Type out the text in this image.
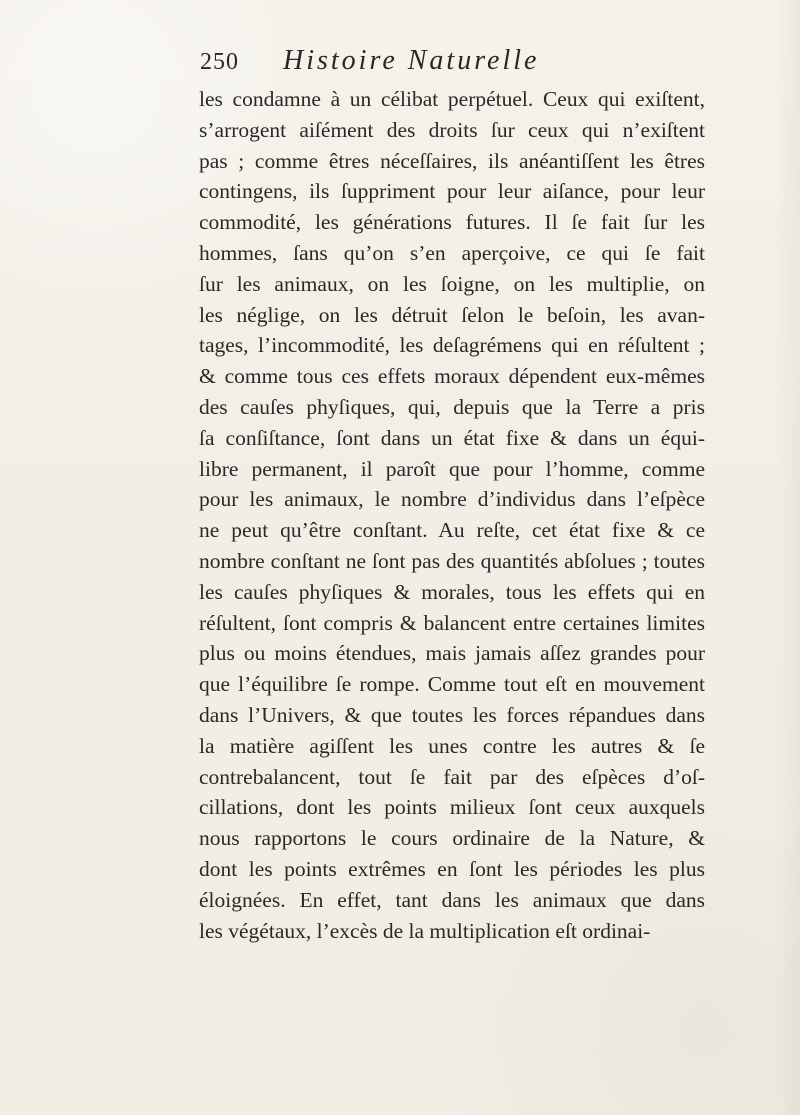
250 Histoire Naturelle
les condamne à un célibat perpétuel. Ceux qui exiſtent,
s’arrogent aiſément des droits ſur ceux qui n’exiſtent
pas ; comme êtres néceſſaires, ils anéantiſſent les êtres
contingens, ils ſuppriment pour leur aiſance, pour leur
commodité, les générations futures. Il ſe fait ſur les
hommes, ſans qu’on s’en aperçoive, ce qui ſe fait
ſur les animaux, on les ſoigne, on les multiplie, on
les néglige, on les détruit ſelon le beſoin, les avan-
tages, l’incommodité, les deſagrémens qui en réſultent ;
& comme tous ces effets moraux dépendent eux-mêmes
des cauſes phyſiques, qui, depuis que la Terre a pris
ſa conſiſtance, ſont dans un état fixe & dans un équi-
libre permanent, il paroît que pour l’homme, comme
pour les animaux, le nombre d’individus dans l’eſpèce
ne peut qu’être conſtant. Au reſte, cet état fixe & ce
nombre conſtant ne ſont pas des quantités abſolues ; toutes
les cauſes phyſiques & morales, tous les effets qui en
réſultent, ſont compris & balancent entre certaines limites
plus ou moins étendues, mais jamais aſſez grandes pour
que l’équilibre ſe rompe. Comme tout eſt en mouvement
dans l’Univers, & que toutes les forces répandues dans
la matière agiſſent les unes contre les autres & ſe
contrebalancent, tout ſe fait par des eſpèces d’oſ-
cillations, dont les points milieux ſont ceux auxquels
nous rapportons le cours ordinaire de la Nature, &
dont les points extrêmes en ſont les périodes les plus
éloignées. En effet, tant dans les animaux que dans
les végétaux, l’excès de la multiplication eſt ordinai-
